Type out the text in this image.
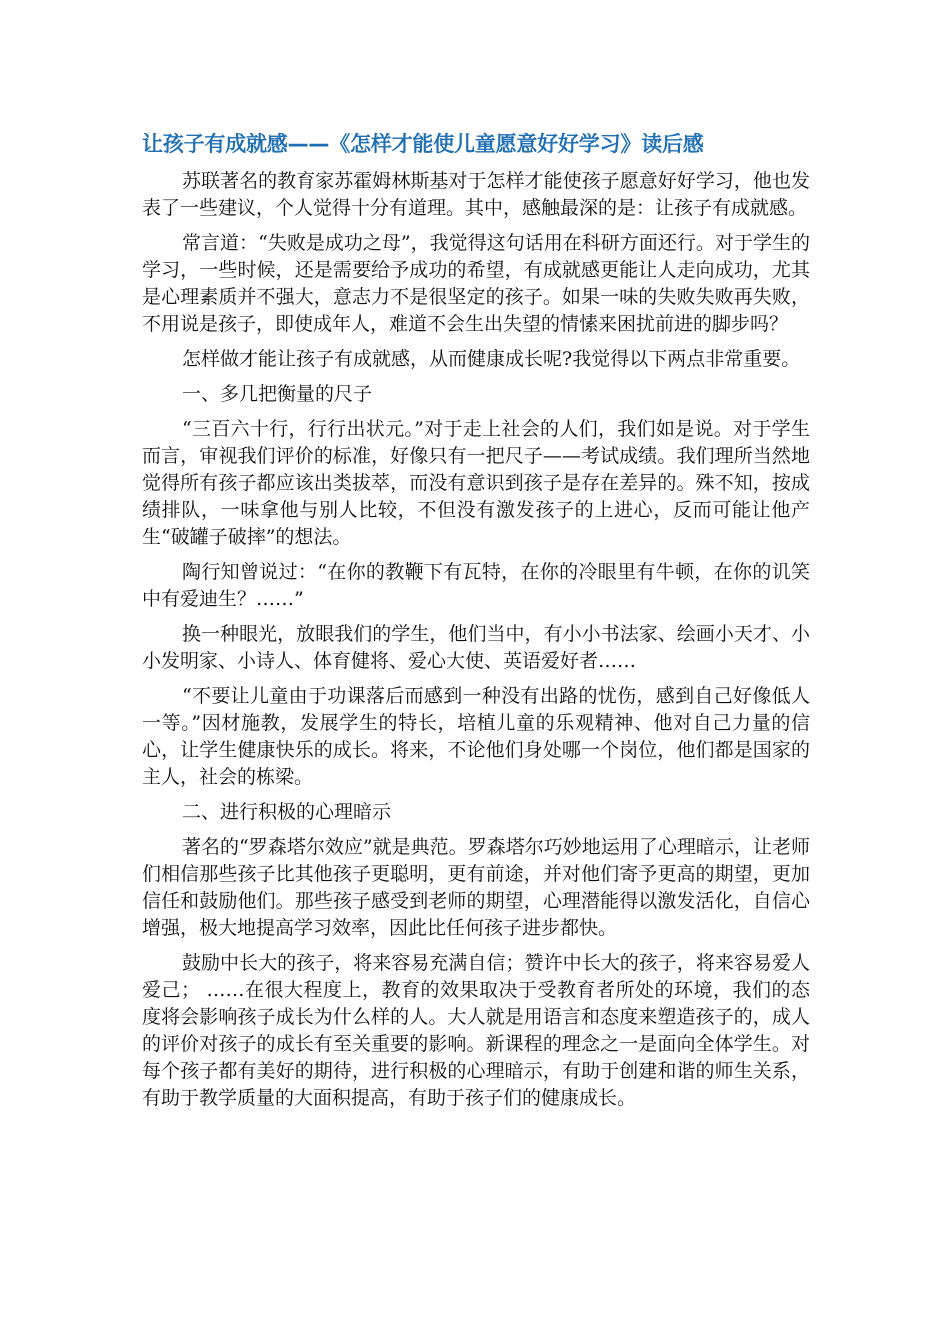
让孩子有成就感——《怎样才能使儿童愿意好好学习》读后感

苏联著名的教育家苏霍姆林斯基对于怎样才能使孩子愿意好好学习，他也发表了一些建议，个人觉得十分有道理。其中，感触最深的是：让孩子有成就感。

常言道：“失败是成功之母”，我觉得这句话用在科研方面还行。对于学生的学习，一些时候，还是需要给予成功的希望，有成就感更能让人走向成功，尤其是心理素质并不强大，意志力不是很坚定的孩子。如果一味的失败失败再失败，不用说是孩子，即使成年人，难道不会生出失望的情愫来困扰前进的脚步吗？

怎样做才能让孩子有成就感，从而健康成长呢?我觉得以下两点非常重要。

一、多几把衡量的尺子

“三百六十行，行行出状元。”对于走上社会的人们，我们如是说。对于学生而言，审视我们评价的标准，好像只有一把尺子——考试成绩。我们理所当然地觉得所有孩子都应该出类拔萃，而没有意识到孩子是存在差异的。殊不知，按成绩排队，一味拿他与别人比较，不但没有激发孩子的上进心，反而可能让他产生“破罐子破摔”的想法。

陶行知曾说过：“在你的教鞭下有瓦特，在你的冷眼里有牛顿，在你的讥笑中有爱迪生？……”

换一种眼光，放眼我们的学生，他们当中，有小小书法家、绘画小天才、小小发明家、小诗人、体育健将、爱心大使、英语爱好者……

“不要让儿童由于功课落后而感到一种没有出路的忧伤，感到自己好像低人一等。”因材施教，发展学生的特长，培植儿童的乐观精神、他对自己力量的信心，让学生健康快乐的成长。将来，不论他们身处哪一个岗位，他们都是国家的主人，社会的栋梁。

二、进行积极的心理暗示

著名的“罗森塔尔效应”就是典范。罗森塔尔巧妙地运用了心理暗示，让老师们相信那些孩子比其他孩子更聪明，更有前途，并对他们寄予更高的期望，更加信任和鼓励他们。那些孩子感受到老师的期望，心理潜能得以激发活化，自信心增强，极大地提高学习效率，因此比任何孩子进步都快。

鼓励中长大的孩子，将来容易充满自信；赞许中长大的孩子，将来容易爱人爱己； ……在很大程度上，教育的效果取决于受教育者所处的环境，我们的态度将会影响孩子成长为什么样的人。大人就是用语言和态度来塑造孩子的，成人的评价对孩子的成长有至关重要的影响。新课程的理念之一是面向全体学生。对每个孩子都有美好的期待，进行积极的心理暗示，有助于创建和谐的师生关系，有助于教学质量的大面积提高，有助于孩子们的健康成长。
